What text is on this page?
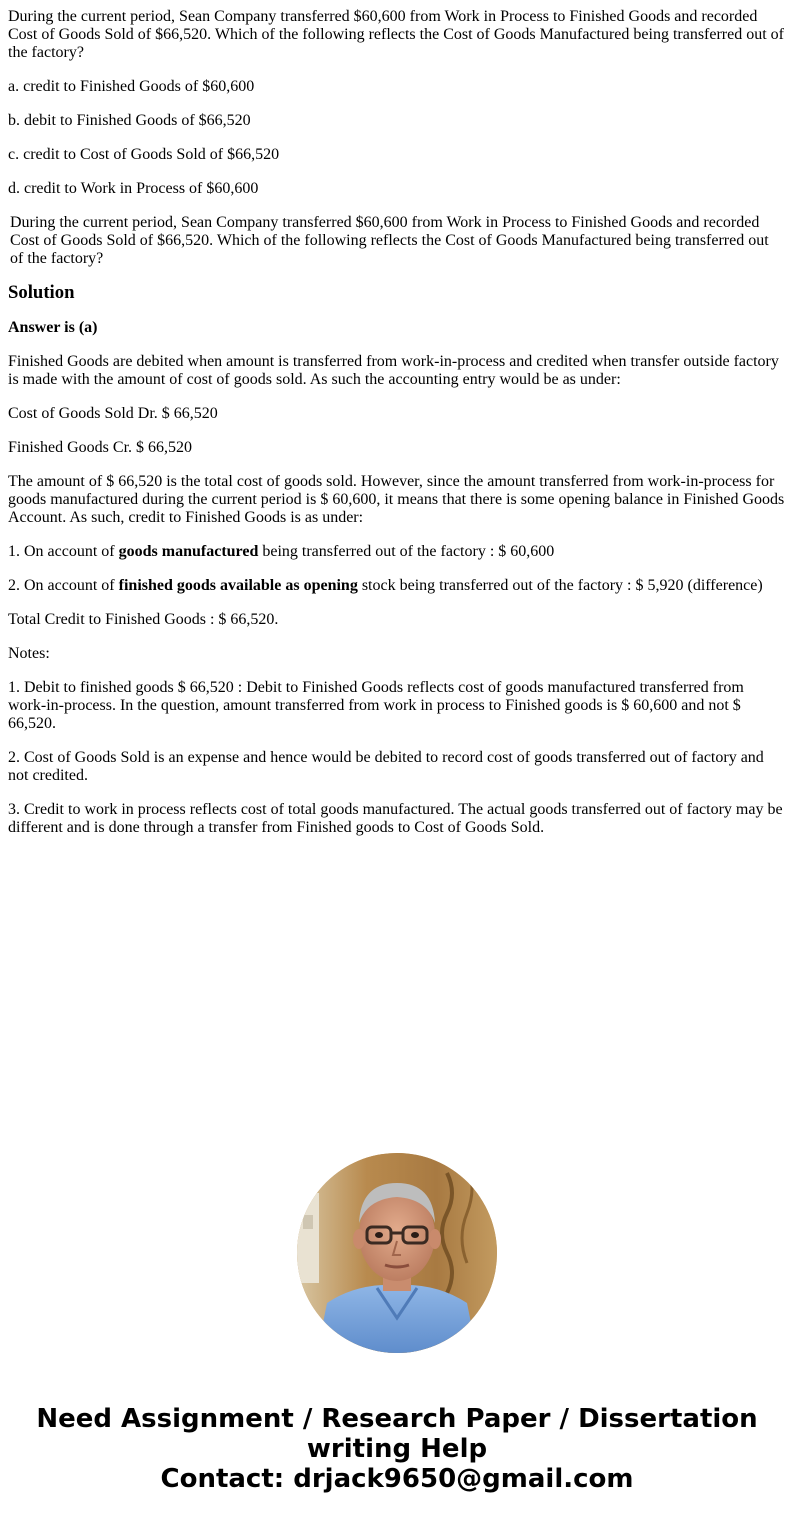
During the current period, Sean Company transferred $60,600 from Work in Process to Finished Goods and recorded Cost of Goods Sold of $66,520. Which of the following reflects the Cost of Goods Manufactured being transferred out of the factory?

a. credit to Finished Goods of $60,600

b. debit to Finished Goods of $66,520

c. credit to Cost of Goods Sold of $66,520

d. credit to Work in Process of $60,600

During the current period, Sean Company transferred $60,600 from Work in Process to Finished Goods and recorded Cost of Goods Sold of $66,520. Which of the following reflects the Cost of Goods Manufactured being transferred out of the factory?

Solution

Answer is (a)

Finished Goods are debited when amount is transferred from work-in-process and credited when transfer outside factory is made with the amount of cost of goods sold. As such the accounting entry would be as under:

Cost of Goods Sold Dr. $ 66,520

Finished Goods Cr. $ 66,520

The amount of $ 66,520 is the total cost of goods sold. However, since the amount transferred from work-in-process for goods manufactured during the current period is $ 60,600, it means that there is some opening balance in Finished Goods Account. As such, credit to Finished Goods is as under:

1. On account of goods manufactured being transferred out of the factory : $ 60,600

2. On account of finished goods available as opening stock being transferred out of the factory : $ 5,920 (difference)

Total Credit to Finished Goods : $ 66,520.

Notes:

1. Debit to finished goods $ 66,520 : Debit to Finished Goods reflects cost of goods manufactured transferred from work-in-process. In the question, amount transferred from work in process to Finished goods is $ 60,600 and not $ 66,520.

2. Cost of Goods Sold is an expense and hence would be debited to record cost of goods transferred out of factory and not credited.

3. Credit to work in process reflects cost of total goods manufactured. The actual goods transferred out of factory may be different and is done through a transfer from Finished goods to Cost of Goods Sold.

Need Assignment / Research Paper / Dissertation
writing Help
Contact: drjack9650@gmail.com
